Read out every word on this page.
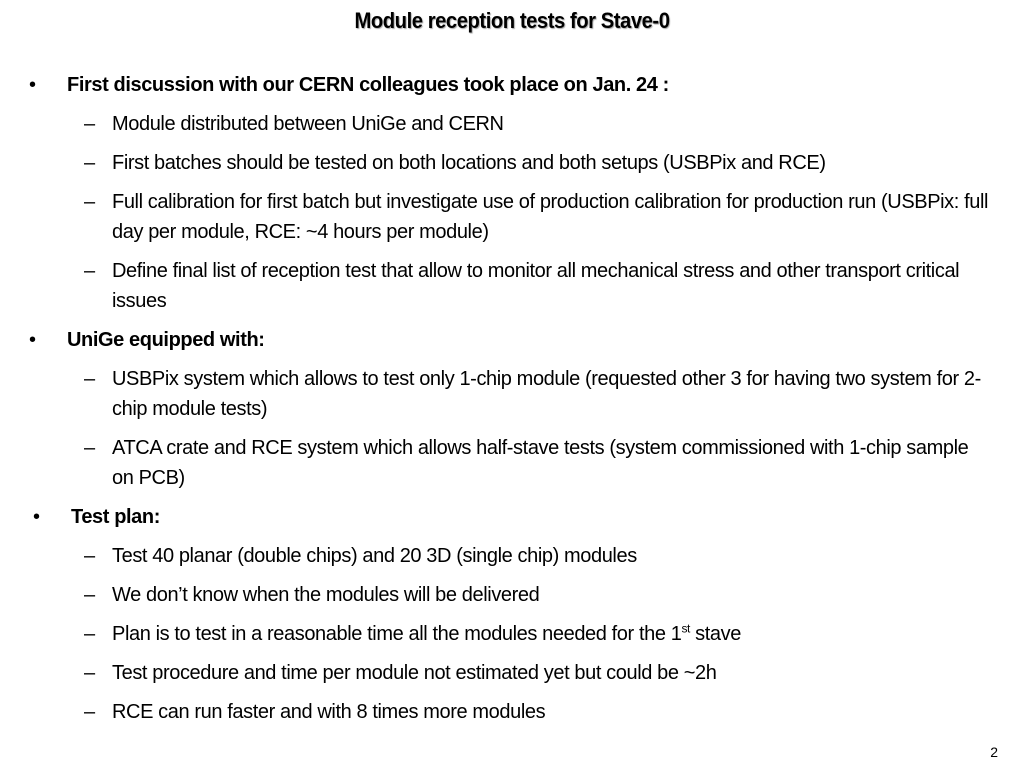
Module reception tests for Stave-0
• First discussion with our CERN colleagues took place on Jan. 24 :
– Module distributed between UniGe and CERN
– First batches should be tested on both locations and both setups (USBPix and RCE)
– Full calibration for first batch but investigate use of production calibration for production run (USBPix: full day per module, RCE: ~4 hours per module)
– Define final list of reception test that allow to monitor all mechanical stress and other transport critical issues
• UniGe equipped with:
– USBPix system which allows to test only 1-chip module (requested other 3 for having two system for 2-chip module tests)
– ATCA crate and RCE system which allows half-stave tests (system commissioned with 1-chip sample on PCB)
• Test plan:
– Test 40 planar (double chips) and 20 3D (single chip) modules
– We don’t know when the modules will be delivered
– Plan is to test in a reasonable time all the modules needed for the 1st stave
– Test procedure and time per module not estimated yet but could be ~2h
– RCE can run faster and with 8 times more modules
2
